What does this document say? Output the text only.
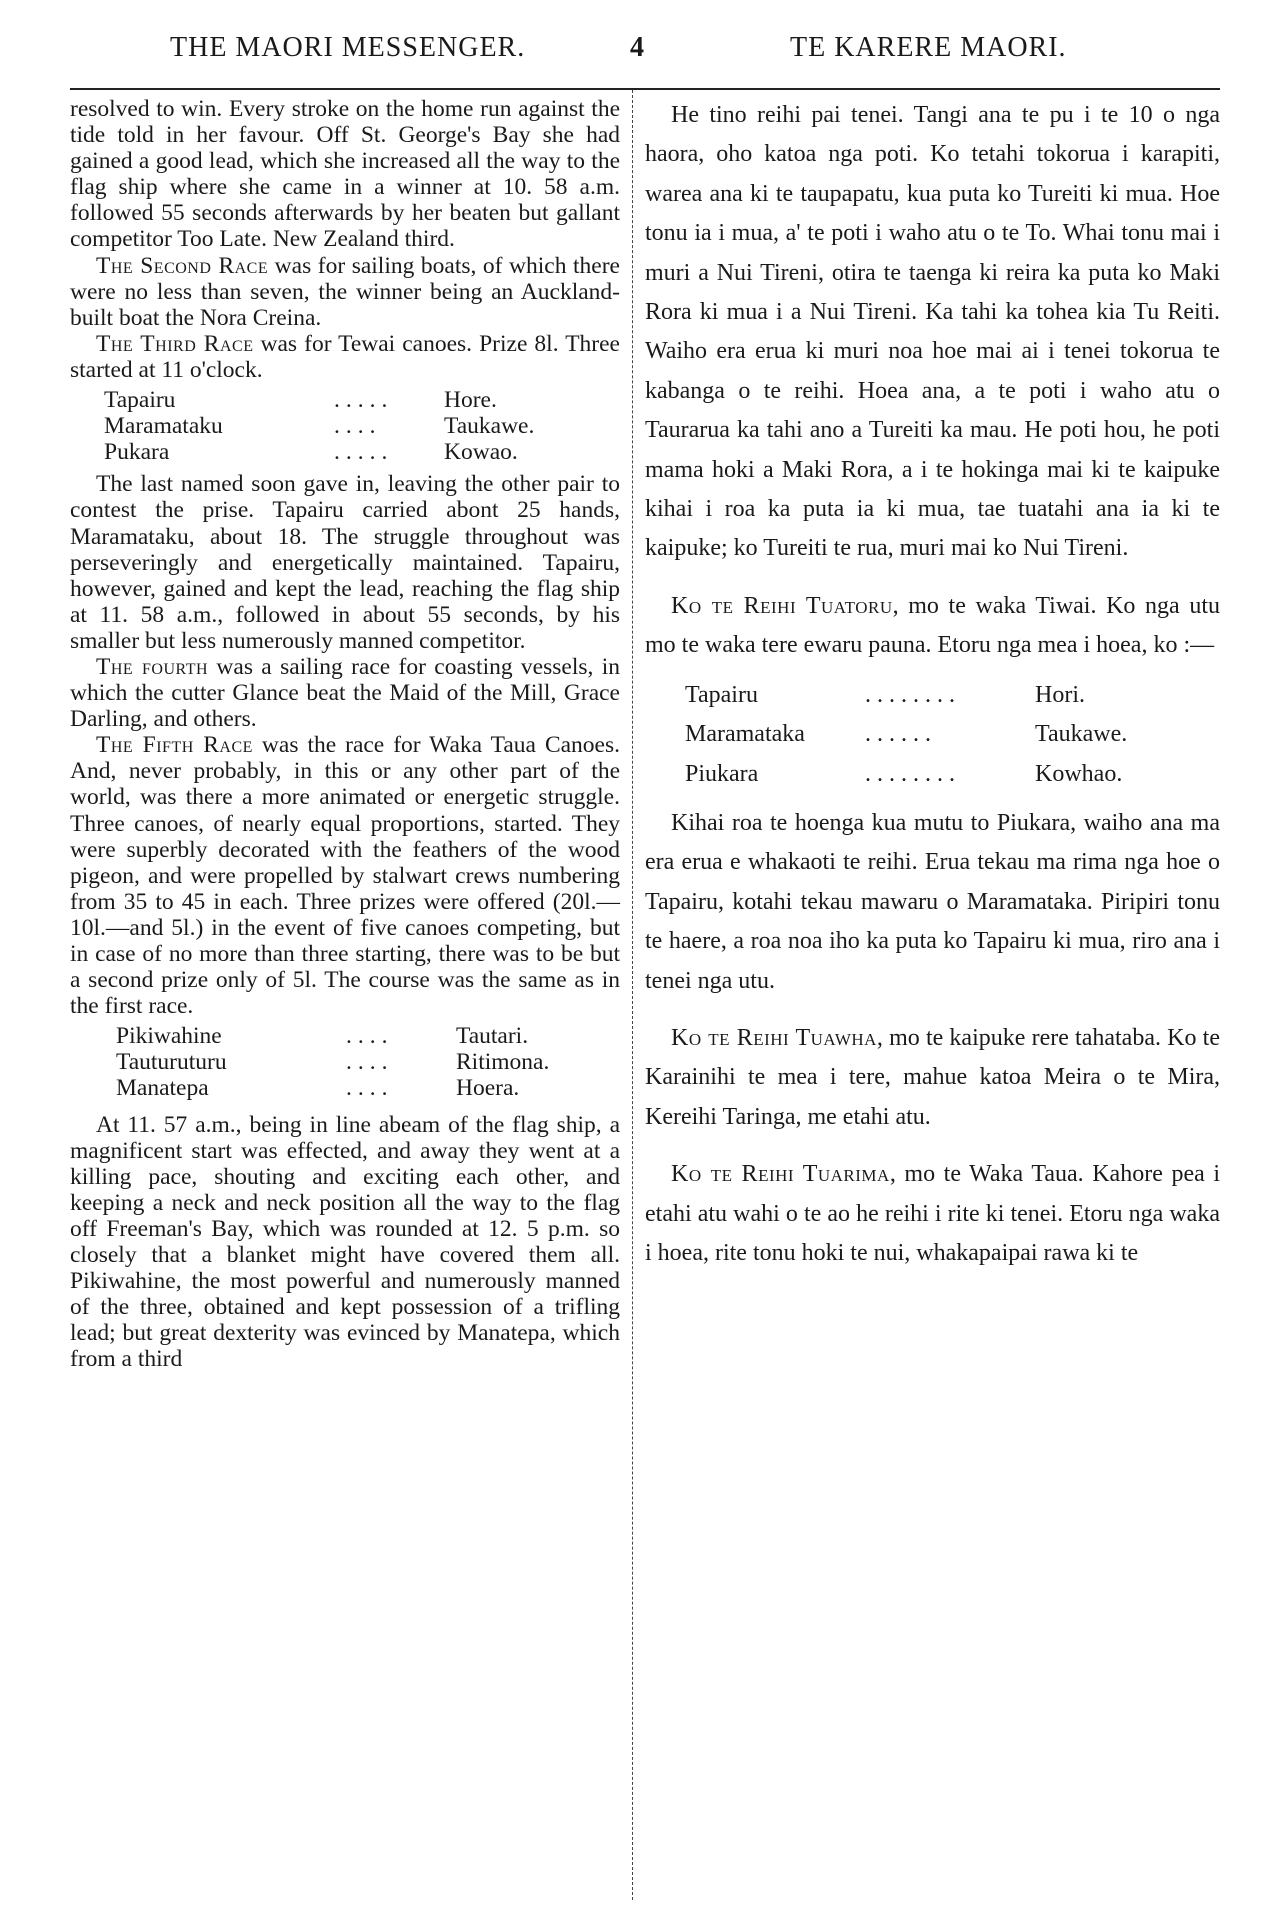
THE MAORI MESSENGER.	4	TE KARERE MAORI.

resolved to win. Every stroke on the home run against the tide told in her favour. Off St. George's Bay she had gained a good lead, which she increased all the way to the flag ship where she came in a winner at 10. 58 a.m. followed 55 seconds afterwards by her beaten but gallant competitor Too Late. New Zealand third.

The Second Race was for sailing boats, of which there were no less than seven, the winner being an Auckland-built boat the Nora Creina.

The Third Race was for Tewai canoes. Prize 8l. Three started at 11 o'clock.

Tapairu	.....	Hore.
Maramataku	....	Taukawe.
Pukara	.....	Kowao.

The last named soon gave in, leaving the other pair to contest the prise. Tapairu carried abont 25 hands, Maramataku, about 18. The struggle throughout was perseveringly and energetically maintained. Tapairu, however, gained and kept the lead, reaching the flag ship at 11. 58 a.m., followed in about 55 seconds, by his smaller but less numerously manned competitor.

The fourth was a sailing race for coasting vessels, in which the cutter Glance beat the Maid of the Mill, Grace Darling, and others.

The Fifth Race was the race for Waka Taua Canoes. And, never probably, in this or any other part of the world, was there a more animated or energetic struggle. Three canoes, of nearly equal proportions, started. They were superbly decorated with the feathers of the wood pigeon, and were propelled by stalwart crews numbering from 35 to 45 in each. Three prizes were offered (20l.—10l.—and 5l.) in the event of five canoes competing, but in case of no more than three starting, there was to be but a second prize only of 5l. The course was the same as in the first race.

Pikiwahine	....	Tautari.
Tauturuturu	....	Ritimona.
Manatepa	....	Hoera.

At 11. 57 a.m., being in line abeam of the flag ship, a magnificent start was effected, and away they went at a killing pace, shouting and exciting each other, and keeping a neck and neck position all the way to the flag off Freeman's Bay, which was rounded at 12. 5 p.m. so closely that a blanket might have covered them all. Pikiwahine, the most powerful and numerously manned of the three, obtained and kept possession of a trifling lead; but great dexterity was evinced by Manatepa, which from a third

He tino reihi pai tenei. Tangi ana te pu i te 10 o nga haora, oho katoa nga poti. Ko tetahi tokorua i karapiti, warea ana ki te taupapatu, kua puta ko Tureiti ki mua. Hoe tonu ia i mua, a' te poti i waho atu o te To. Whai tonu mai i muri a Nui Tireni, otira te taenga ki reira ka puta ko Maki Rora ki mua i a Nui Tireni. Ka tahi ka tohea kia Tu Reiti. Waiho era erua ki muri noa hoe mai ai i tenei tokorua te kabanga o te reihi. Hoea ana, a te poti i waho atu o Taurarua ka tahi ano a Tureiti ka mau. He poti hou, he poti mama hoki a Maki Rora, a i te hokinga mai ki te kaipuke kihai i roa ka puta ia ki mua, tae tuatahi ana ia ki te kaipuke; ko Tureiti te rua, muri mai ko Nui Tireni.

Ko te Reihi Tuatoru, mo te waka Tiwai. Ko nga utu mo te waka tere ewaru pauna. Etoru nga mea i hoea, ko :—

Tapairu	........	Hori.
Maramataka	......	Taukawe.
Piukara	........	Kowhao.

Kihai roa te hoenga kua mutu to Piukara, waiho ana ma era erua e whakaoti te reihi. Erua tekau ma rima nga hoe o Tapairu, kotahi tekau mawaru o Maramataka. Piripiri tonu te haere, a roa noa iho ka puta ko Tapairu ki mua, riro ana i tenei nga utu.

Ko te Reihi Tuawha, mo te kaipuke rere tahataba. Ko te Karainihi te mea i tere, mahue katoa Meira o te Mira, Kereihi Taringa, me etahi atu.

Ko te Reihi Tuarima, mo te Waka Taua. Kahore pea i etahi atu wahi o te ao he reihi i rite ki tenei. Etoru nga waka i hoea, rite tonu hoki te nui, whakapaipai rawa ki te
